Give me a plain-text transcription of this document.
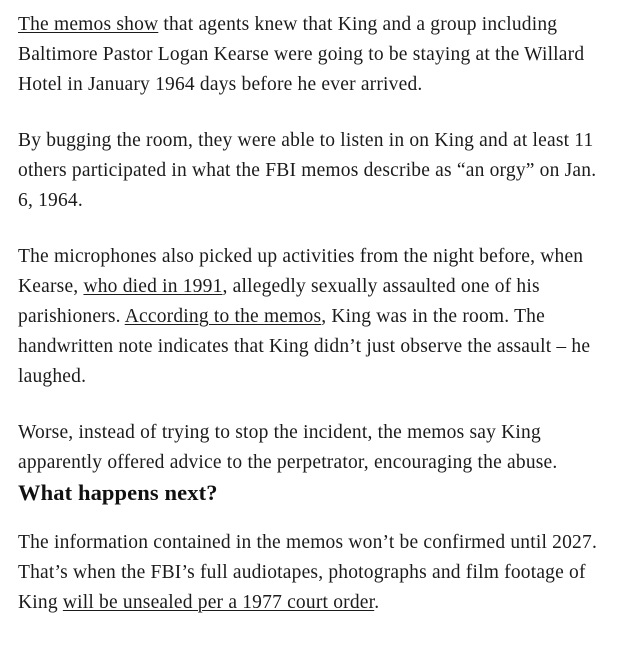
The memos show that agents knew that King and a group including Baltimore Pastor Logan Kearse were going to be staying at the Willard Hotel in January 1964 days before he ever arrived.

By bugging the room, they were able to listen in on King and at least 11 others participated in what the FBI memos describe as “an orgy” on Jan. 6, 1964.

The microphones also picked up activities from the night before, when Kearse, who died in 1991, allegedly sexually assaulted one of his parishioners. According to the memos, King was in the room. The handwritten note indicates that King didn’t just observe the assault – he laughed.

Worse, instead of trying to stop the incident, the memos say King apparently offered advice to the perpetrator, encouraging the abuse.

What happens next?

The information contained in the memos won’t be confirmed until 2027. That’s when the FBI’s full audiotapes, photographs and film footage of King will be unsealed per a 1977 court order.
